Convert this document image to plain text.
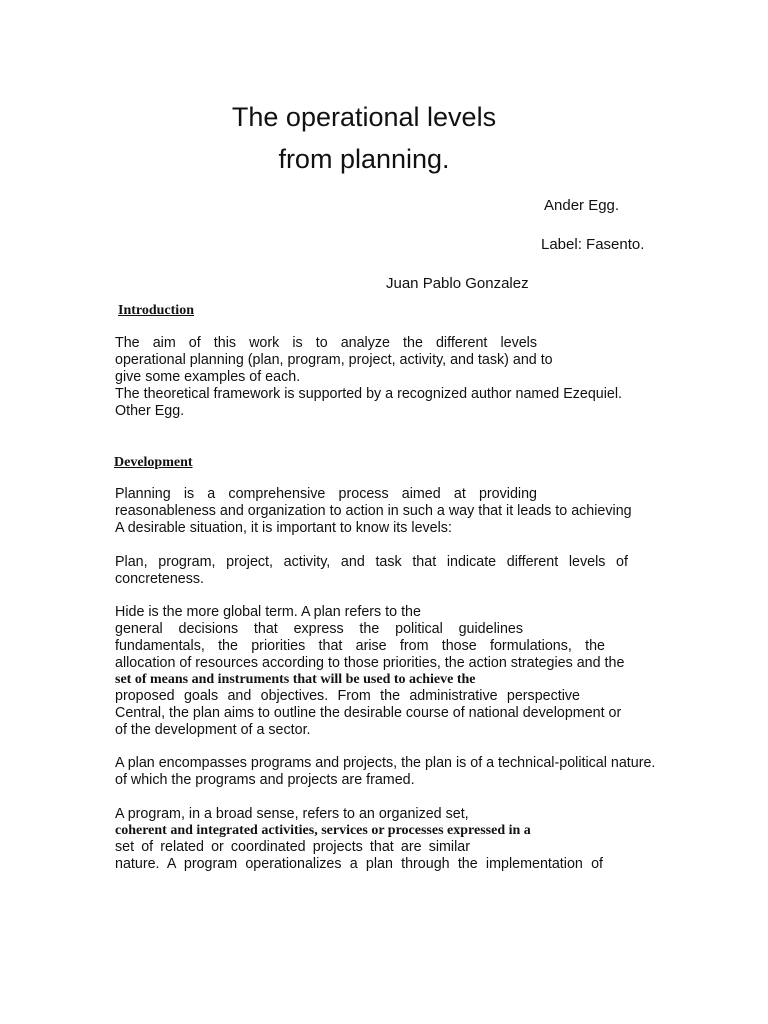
The operational levels
from planning.
Ander Egg.
Label: Fasento.
Juan Pablo Gonzalez
Introduction
The aim of this work is to analyze the different levels
operational planning (plan, program, project, activity, and task) and to
give some examples of each.
The theoretical framework is supported by a recognized author named Ezequiel.
Other Egg.
Development
Planning is a comprehensive process aimed at providing
reasonableness and organization to action in such a way that it leads to achieving
A desirable situation, it is important to know its levels:
Plan, program, project, activity, and task that indicate different levels of
concreteness.
Hide is the more global term. A plan refers to the
general decisions that express the political guidelines
fundamentals, the priorities that arise from those formulations, the
allocation of resources according to those priorities, the action strategies and the
set of means and instruments that will be used to achieve the
proposed goals and objectives. From the administrative perspective
Central, the plan aims to outline the desirable course of national development or
of the development of a sector.
A plan encompasses programs and projects, the plan is of a technical-political nature.
of which the programs and projects are framed.
A program, in a broad sense, refers to an organized set,
coherent and integrated activities, services or processes expressed in a
set of related or coordinated projects that are similar
nature. A program operationalizes a plan through the implementation of
